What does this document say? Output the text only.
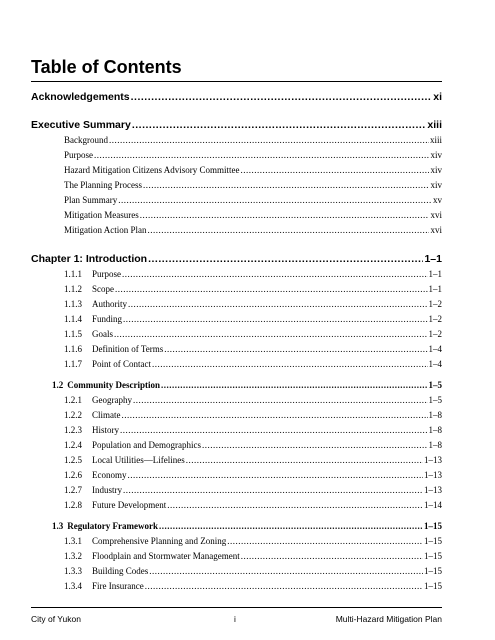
Table of Contents
Acknowledgements .....	xi
Executive Summary .....	xiii
Background .....	xiii
Purpose .....	xiv
Hazard Mitigation Citizens Advisory Committee .....	xiv
The Planning Process .....	xiv
Plan Summary .....	xv
Mitigation Measures .....	xvi
Mitigation Action Plan .....	xvi
Chapter 1: Introduction .....	1–1
1.1.1	Purpose .....	1–1
1.1.2	Scope .....	1–1
1.1.3	Authority .....	1–2
1.1.4	Funding .....	1–2
1.1.5	Goals .....	1–2
1.1.6	Definition of Terms .....	1–4
1.1.7	Point of Contact .....	1–4
1.2 Community Description .....	1–5
1.2.1	Geography .....	1–5
1.2.2	Climate .....	1–8
1.2.3	History .....	1–8
1.2.4	Population and Demographics .....	1–8
1.2.5	Local Utilities—Lifelines .....	1–13
1.2.6	Economy .....	1–13
1.2.7	Industry .....	1–13
1.2.8	Future Development .....	1–14
1.3 Regulatory Framework .....	1–15
1.3.1	Comprehensive Planning and Zoning .....	1–15
1.3.2	Floodplain and Stormwater Management .....	1–15
1.3.3	Building Codes .....	1–15
1.3.4	Fire Insurance .....	1–15
City of Yukon	i	Multi-Hazard Mitigation Plan
